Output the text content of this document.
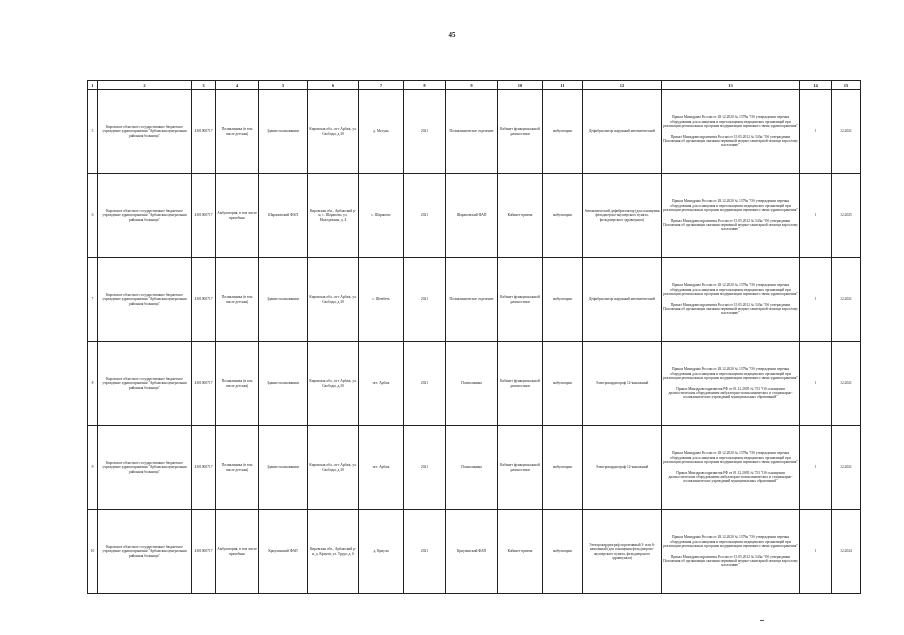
45
1	2	3	4	5	6	7	8	9	10	11	12	13	14	15
5	Кировское областное государственное бюджетное учреждение здравоохранения "Арбажская центральная районная больница"	4301000717	Поликлиника (в том числе детская)	Здание поликлиники	Кировская обл., пгт Арбаж, ул. Свободы, д.30	д. Мосунь	2021	Поликлиническое отделение	Кабинет функциональной диагностики	амбулаторно	Дефибриллятор наружный автоматический	Приказ Минздрава России от 28.12.2020 № 1379н "Об утверждении перечня оборудования для оснащения и переоснащения медицинских организаций при реализации региональных программ модернизации первичного звена здравоохранения"
Приказ Минздравсоцразвития России от 15.05.2012 № 543н "Об утверждении Положения об организации оказания первичной медико-санитарной помощи взрослому населению"	1	12.2021
6	Кировское областное государственное бюджетное учреждение здравоохранения "Арбажская центральная районная больница"	4301000717	Амбулатория, в том числе врачебная	Шараповский ФАП	Кировская обл., Арбажский р-н, с. Шарапово, ул. Молодежная, д. 4	с. Шарапово	2021	Шараповский ФАП	Кабинет приема	амбулаторно	Автоматический дефибриллятор (для оснащения фельдшерско-акушерского пункта, фельдшерского здравпункта)	Приказ Минздрава России от 28.12.2020 № 1379н "Об утверждении перечня оборудования для оснащения и переоснащения медицинских организаций при реализации региональных программ модернизации первичного звена здравоохранения"
Приказ Минздравсоцразвития России от 15.05.2012 № 543н "Об утверждении Положения об организации оказания первичной медико-санитарной помощи взрослому населению"	1	12.2025
7	Кировское областное государственное бюджетное учреждение здравоохранения "Арбажская центральная районная больница"	4301000717	Поликлиника (в том числе детская)	Здание поликлиники	Кировская обл., пгт Арбаж, ул. Свободы, д.30	с. Шембеть	2021	Поликлиническое отделение	Кабинет функциональной диагностики	амбулаторно	Дефибриллятор наружный автоматический	Приказ Минздрава России от 28.12.2020 № 1379н "Об утверждении перечня оборудования для оснащения и переоснащения медицинских организаций при реализации региональных программ модернизации первичного звена здравоохранения"
Приказ Минздравсоцразвития России от 15.05.2012 № 543н "Об утверждении Положения об организации оказания первичной медико-санитарной помощи взрослому населению"	1	12.2021
8	Кировское областное государственное бюджетное учреждение здравоохранения "Арбажская центральная районная больница"	4301000717	Поликлиника (в том числе детская)	Здание поликлиники	Кировская обл., пгт Арбаж, ул. Свободы, д.30	пгт. Арбаж	2021	Поликлиника	Кабинет функциональной диагностики	амбулаторно	Электрокардиограф 12-канальный	Приказ Минздрава России от 28.12.2020 № 1379н "Об утверждении перечня оборудования для оснащения и переоснащения медицинских организаций при реализации региональных программ модернизации первичного звена здравоохранения"
Приказ Минздравсоцразвития РФ от 01.12.2005 № 753 "Об оснащении диагностическим оборудованием амбулаторно-поликлинических и стационарно-поликлинических учреждений муниципальных образований"	1	12.2021
9	Кировское областное государственное бюджетное учреждение здравоохранения "Арбажская центральная районная больница"	4301000717	Поликлиника (в том числе детская)	Здание поликлиники	Кировская обл., пгт Арбаж, ул. Свободы, д.30	пгт. Арбаж	2021	Поликлиника	Кабинет функциональной диагностики	амбулаторно	Электрокардиограф 12-канальный	Приказ Минздрава России от 28.12.2020 № 1379н "Об утверждении перечня оборудования для оснащения и переоснащения медицинских организаций при реализации региональных программ модернизации первичного звена здравоохранения"
Приказ Минздравсоцразвития РФ от 01.12.2005 № 753 "Об оснащении диагностическим оборудованием амбулаторно-поликлинических и стационарно-поликлинических учреждений муниципальных образований"	1	12.2021
10	Кировское областное государственное бюджетное учреждение здравоохранения "Арбажская центральная районная больница"	4301000717	Амбулатория, в том числе врачебная	Криулинский ФАП	Кировская обл., Арбажский р-н, д. Криули, ул. Труда, д. 6	д. Криули	2021	Криулинский ФАП	Кабинет приема	амбулаторно	Электрокардиограф портативный 3- или 6-канальный (для оснащения фельдшерско-акушерского пункта, фельдшерского здравпункта)	Приказ Минздрава России от 28.12.2020 № 1379н "Об утверждении перечня оборудования для оснащения и переоснащения медицинских организаций при реализации региональных программ модернизации первичного звена здравоохранения"
Приказ Минздравсоцразвития России от 15.05.2012 № 543н "Об утверждении Положения об организации оказания первичной медико-санитарной помощи взрослому населению"	1	12.2024
